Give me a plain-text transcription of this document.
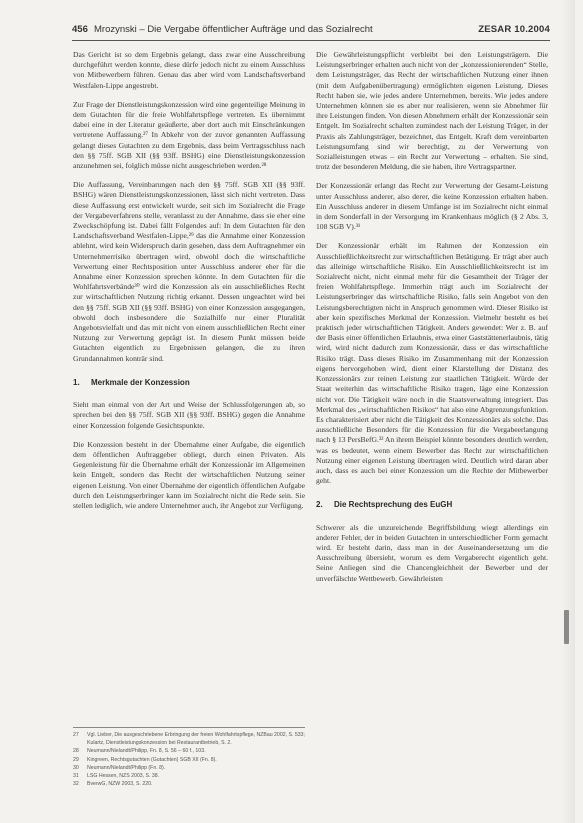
456 Mrozynski – Die Vergabe öffentlicher Aufträge und das Sozialrecht	ZESAR 10.2004

Das Gericht ist so dem Ergebnis gelangt, dass zwar eine Ausschreibung durchgeführt werden konnte, diese dürfe jedoch nicht zu einem Ausschluss von Mitbewerbern führen. Genau das aber wird vom Landschaftsverband Westfalen-Lippe angestrebt.

Zur Frage der Dienstleistungskonzession wird eine gegenteilige Meinung in dem Gutachten für die freie Wohlfahrtspflege vertreten. Es übernimmt dabei eine in der Literatur geäußerte, aber dort auch mit Einschränkungen vertretene Auffassung.²⁷ In Abkehr von der zuvor genannten Auffassung gelangt dieses Gutachten zu dem Ergebnis, dass beim Vertragsschluss nach den §§ 75ff. SGB XII (§§ 93ff. BSHG) eine Dienstleistungskonzession anzunehmen sei, folglich müsse nicht ausgeschrieben werden.²⁸

Die Auffassung, Vereinbarungen nach den §§ 75ff. SGB XII (§§ 93ff. BSHG) wären Dienstleistungskonzessionen, lässt sich nicht vertreten. Dass diese Auffassung erst entwickelt wurde, seit sich im Sozialrecht die Frage der Vergabeverfahrens stelle, veranlasst zu der Annahme, dass sie eher eine Zweckschöpfung ist. Dabei fällt Folgendes auf: In dem Gutachten für den Landschaftsverband Westfalen-Lippe,²⁹ das die Annahme einer Konzession ablehnt, wird kein Widerspruch darin gesehen, dass dem Auftragnehmer ein Unternehmerrisiko übertragen wird, obwohl doch die wirtschaftliche Verwertung einer Rechtsposition unter Ausschluss anderer eher für die Annahme einer Konzession sprechen könnte. In dem Gutachten für die Wohlfahrtsverbände³⁰ wird die Konzession als ein ausschließliches Recht zur wirtschaftlichen Nutzung richtig erkannt. Dessen ungeachtet wird bei den §§ 75ff. SGB XII (§§ 93ff. BSHG) von einer Konzession ausgegangen, obwohl doch insbesondere die Sozialhilfe nur einer Pluralität Angebotsvielfalt und das mit nicht von einem ausschließlichen Recht einer Nutzung zur Verwertung geprägt ist. In diesem Punkt müssen beide Gutachten eigentlich zu Ergebnissen gelangen, die zu ihren Grundannahmen konträr sind.

1. Merkmale der Konzession

Sieht man einmal von der Art und Weise der Schlussfolgerungen ab, so sprechen bei den §§ 75ff. SGB XII (§§ 93ff. BSHG) gegen die Annahme einer Konzession folgende Gesichtspunkte.

Die Konzession besteht in der Übernahme einer Aufgabe, die eigentlich dem öffentlichen Auftraggeber obliegt, durch einen Privaten. Als Gegenleistung für die Übernahme erhält der Konzessionär im Allgemeinen kein Entgelt, sondern das Recht der wirtschaftlichen Nutzung seiner eigenen Leistung. Von einer Übernahme der eigentlich öffentlichen Aufgabe durch den Leistungserbringer kann im Sozialrecht nicht die Rede sein. Sie stellen lediglich, wie andere Unternehmer auch, ihr Angebot zur Verfügung.

Die Gewährleistungspflicht verbleibt bei den Leistungsträgern. Die Leistungserbringer erhalten auch nicht von der „konzessionierenden“ Stelle, dem Leistungsträger, das Recht der wirtschaftlichen Nutzung einer ihnen (mit dem Aufgabenübertragung) ermöglichten eigenen Leistung. Dieses Recht haben sie, wie jedes andere Unternehmen, bereits. Wie jedes andere Unternehmen können sie es aber nur realisieren, wenn sie Abnehmer für ihre Leistungen finden. Von diesen Abnehmern erhält der Konzessionär sein Entgelt. Im Sozialrecht schalten zumindest nach der Leistung Träger, in der Praxis als Zahlungsträger, bezeichnet, das Entgelt. Kraft dem vereinbarten Leistungsumfang sind wir berechtigt, zu der Verwertung von Sozialleistungen etwas – ein Recht zur Verwertung – erhalten. Sie sind, trotz der besonderen Meldung, die sie haben, ihre Vertragspartner.

Der Konzessionär erlangt das Recht zur Verwertung der Gesamt-Leistung unter Ausschluss anderer, also derer, die keine Konzession erhalten haben. Ein Ausschluss anderer in diesem Umfange ist im Sozialrecht nicht einmal in dem Sonderfall in der Versorgung im Krankenhaus möglich (§ 2 Abs. 3, 108 SGB V).³¹

Der Konzessionär erhält im Rahmen der Konzession ein Ausschließlichkeitsrecht zur wirtschaftlichen Betätigung. Er trägt aber auch das alleinige wirtschaftliche Risiko. Ein Ausschließlichkeitsrecht ist im Sozialrecht nicht, nicht einmal mehr für die Gesamtheit der Träger der freien Wohlfahrtspflege. Immerhin trägt auch im Sozialrecht der Leistungserbringer das wirtschaftliche Risiko, falls sein Angebot von den Leistungsberechtigten nicht in Anspruch genommen wird. Dieser Risiko ist aber kein spezifisches Merkmal der Konzession. Vielmehr besteht es bei praktisch jeder wirtschaftlichen Tätigkeit. Anders gewendet: Wer z. B. auf der Basis einer öffentlichen Erlaubnis, etwa einer Gaststättenerlaubnis, tätig wird, wird nicht dadurch zum Konzessionär, dass er das wirtschaftliche Risiko trägt. Dass dieses Risiko im Zusammenhang mit der Konzession eigens hervorgehoben wird, dient einer Klarstellung der Distanz des Konzessionärs zur reinen Leistung zur staatlichen Tätigkeit. Würde der Staat weiterhin das wirtschaftliche Risiko tragen, läge eine Konzession nicht vor. Die Tätigkeit wäre noch in die Staatsverwaltung integriert. Das Merkmal des „wirtschaftlichen Risikos“ hat also eine Abgrenzungsfunktion. Es charakterisiert aber nicht die Tätigkeit des Konzessionärs als solche. Das ausschließliche Besonders für die Konzession für die Vergabeerlangung nach § 13 PersBefG.³² An ihrem Beispiel könnte besonders deutlich werden, was es bedeutet, wenn einem Bewerber das Recht zur wirtschaftlichen Nutzung einer eigenen Leistung übertragen wird. Deutlich wird daran aber auch, dass es auch bei einer Konzession um die Rechte der Mitbewerber geht.

2. Die Rechtsprechung des EuGH

Schwerer als die unzureichende Begriffsbildung wiegt allerdings ein anderer Fehler, der in beiden Gutachten in unterschiedlicher Form gemacht wird. Er besteht darin, dass man in der Auseinandersetzung um die Ausschreibung übersieht, worum es dem Vergaberecht eigentlich geht. Seine Anliegen sind die Chancengleichheit der Bewerber und der unverfälschte Wettbewerb. Gewährleisten

27	Vgl. Lieber, Die ausgeschriebene Erbringung der freien Wohlfahrtspflege, NZBau 2002, S. 533; Kulartz, Dienstleistungskonzession bei Restaurantbetrieb, S. 2.
28	Neumann/Nielandt/Philipp, Fn. 8, S. 56 – 60 f., 103.
29	Kingreen, Rechtsgutachten (Gutachten) SGB XII (Fn. 8).
30	Neumann/Nielandt/Philipp (Fn. 8).
31	LSG Hessen, NZS 2003, S. 38.
32	BverwG, NZW 2003, S. 220.
